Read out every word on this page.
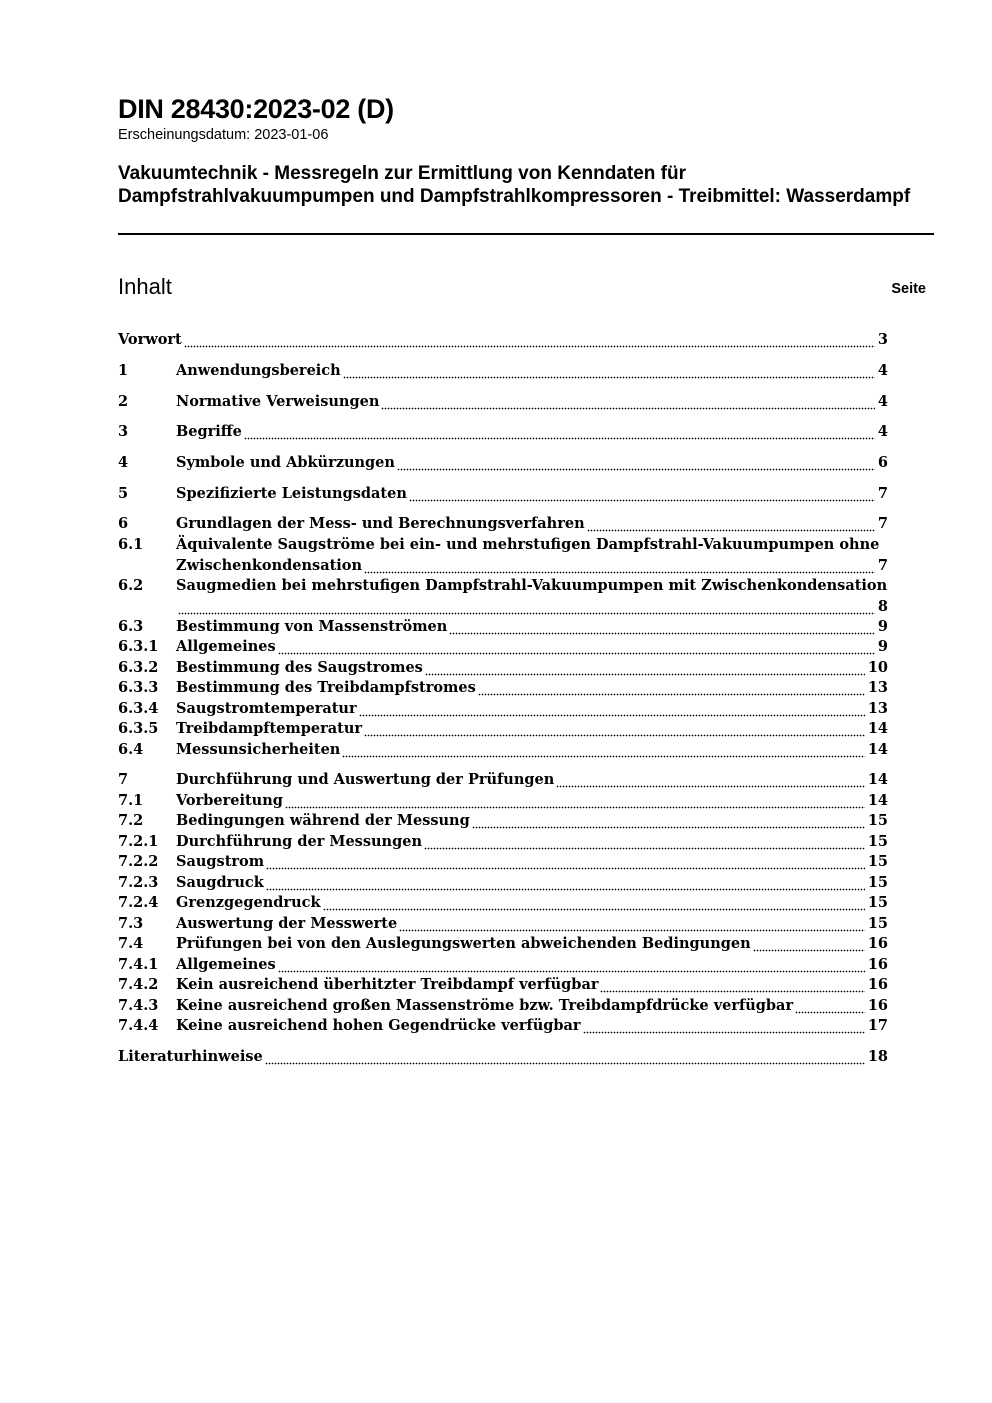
DIN 28430:2023-02 (D)
Erscheinungsdatum: 2023-01-06
Vakuumtechnik - Messregeln zur Ermittlung von Kenndaten für Dampfstrahlvakuumpumpen und Dampfstrahlkompressoren - Treibmittel: Wasserdampf
Inhalt	Seite
Vorwort	3
1	Anwendungsbereich	4
2	Normative Verweisungen	4
3	Begriffe	4
4	Symbole und Abkürzungen	6
5	Spezifizierte Leistungsdaten	7
6	Grundlagen der Mess- und Berechnungsverfahren	7
6.1	Äquivalente Saugströme bei ein- und mehrstufigen Dampfstrahl-Vakuumpumpen ohne
Zwischenkondensation	7
6.2	Saugmedien bei mehrstufigen Dampfstrahl-Vakuumpumpen mit Zwischenkondensation
8
6.3	Bestimmung von Massenströmen	9
6.3.1	Allgemeines	9
6.3.2	Bestimmung des Saugstromes	10
6.3.3	Bestimmung des Treibdampfstromes	13
6.3.4	Saugstromtemperatur	13
6.3.5	Treibdampftemperatur	14
6.4	Messunsicherheiten	14
7	Durchführung und Auswertung der Prüfungen	14
7.1	Vorbereitung	14
7.2	Bedingungen während der Messung	15
7.2.1	Durchführung der Messungen	15
7.2.2	Saugstrom	15
7.2.3	Saugdruck	15
7.2.4	Grenzgegendruck	15
7.3	Auswertung der Messwerte	15
7.4	Prüfungen bei von den Auslegungswerten abweichenden Bedingungen	16
7.4.1	Allgemeines	16
7.4.2	Kein ausreichend überhitzter Treibdampf verfügbar	16
7.4.3	Keine ausreichend großen Massenströme bzw. Treibdampfdrücke verfügbar	16
7.4.4	Keine ausreichend hohen Gegendrücke verfügbar	17
Literaturhinweise	18
